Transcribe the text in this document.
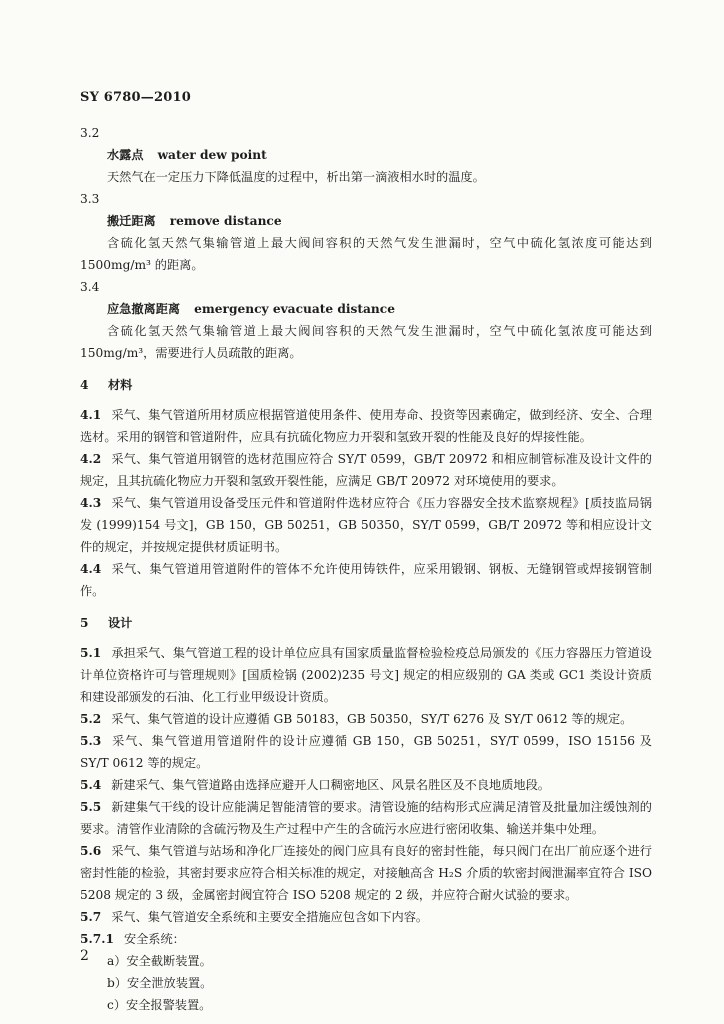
SY 6780—2010
3.2
水露点 water dew point
天然气在一定压力下降低温度的过程中，析出第一滴液相水时的温度。
3.3
搬迁距离 remove distance
含硫化氢天然气集输管道上最大阀间容积的天然气发生泄漏时，空气中硫化氢浓度可能达到1500mg/m³ 的距离。
3.4
应急撤离距离 emergency evacuate distance
含硫化氢天然气集输管道上最大阀间容积的天然气发生泄漏时，空气中硫化氢浓度可能达到150mg/m³，需要进行人员疏散的距离。
4 材料
4.1 采气、集气管道所用材质应根据管道使用条件、使用寿命、投资等因素确定，做到经济、安全、合理选材。采用的钢管和管道附件，应具有抗硫化物应力开裂和氢致开裂的性能及良好的焊接性能。
4.2 采气、集气管道用钢管的选材范围应符合 SY/T 0599，GB/T 20972 和相应制管标准及设计文件的规定，且其抗硫化物应力开裂和氢致开裂性能，应满足 GB/T 20972 对环境使用的要求。
4.3 采气、集气管道用设备受压元件和管道附件选材应符合《压力容器安全技术监察规程》[质技监局锅发 (1999)154 号文]，GB 150，GB 50251，GB 50350，SY/T 0599，GB/T 20972 等和相应设计文件的规定，并按规定提供材质证明书。
4.4 采气、集气管道用管道附件的管体不允许使用铸铁件，应采用锻钢、钢板、无缝钢管或焊接钢管制作。
5 设计
5.1 承担采气、集气管道工程的设计单位应具有国家质量监督检验检疫总局颁发的《压力容器压力管道设计单位资格许可与管理规则》[国质检锅 (2002)235 号文] 规定的相应级别的 GA 类或 GC1 类设计资质和建设部颁发的石油、化工行业甲级设计资质。
5.2 采气、集气管道的设计应遵循 GB 50183，GB 50350，SY/T 6276 及 SY/T 0612 等的规定。
5.3 采气、集气管道用管道附件的设计应遵循 GB 150，GB 50251，SY/T 0599，ISO 15156 及 SY/T 0612 等的规定。
5.4 新建采气、集气管道路由选择应避开人口稠密地区、风景名胜区及不良地质地段。
5.5 新建集气干线的设计应能满足智能清管的要求。清管设施的结构形式应满足清管及批量加注缓蚀剂的要求。清管作业清除的含硫污物及生产过程中产生的含硫污水应进行密闭收集、输送并集中处理。
5.6 采气、集气管道与站场和净化厂连接处的阀门应具有良好的密封性能，每只阀门在出厂前应逐个进行密封性能的检验，其密封要求应符合相关标准的规定，对接触高含 H₂S 介质的软密封阀泄漏率宜符合 ISO 5208 规定的 3 级，金属密封阀宜符合 ISO 5208 规定的 2 级，并应符合耐火试验的要求。
5.7 采气、集气管道安全系统和主要安全措施应包含如下内容。
5.7.1 安全系统：
a）安全截断装置。
b）安全泄放装置。
c）安全报警装置。
2
